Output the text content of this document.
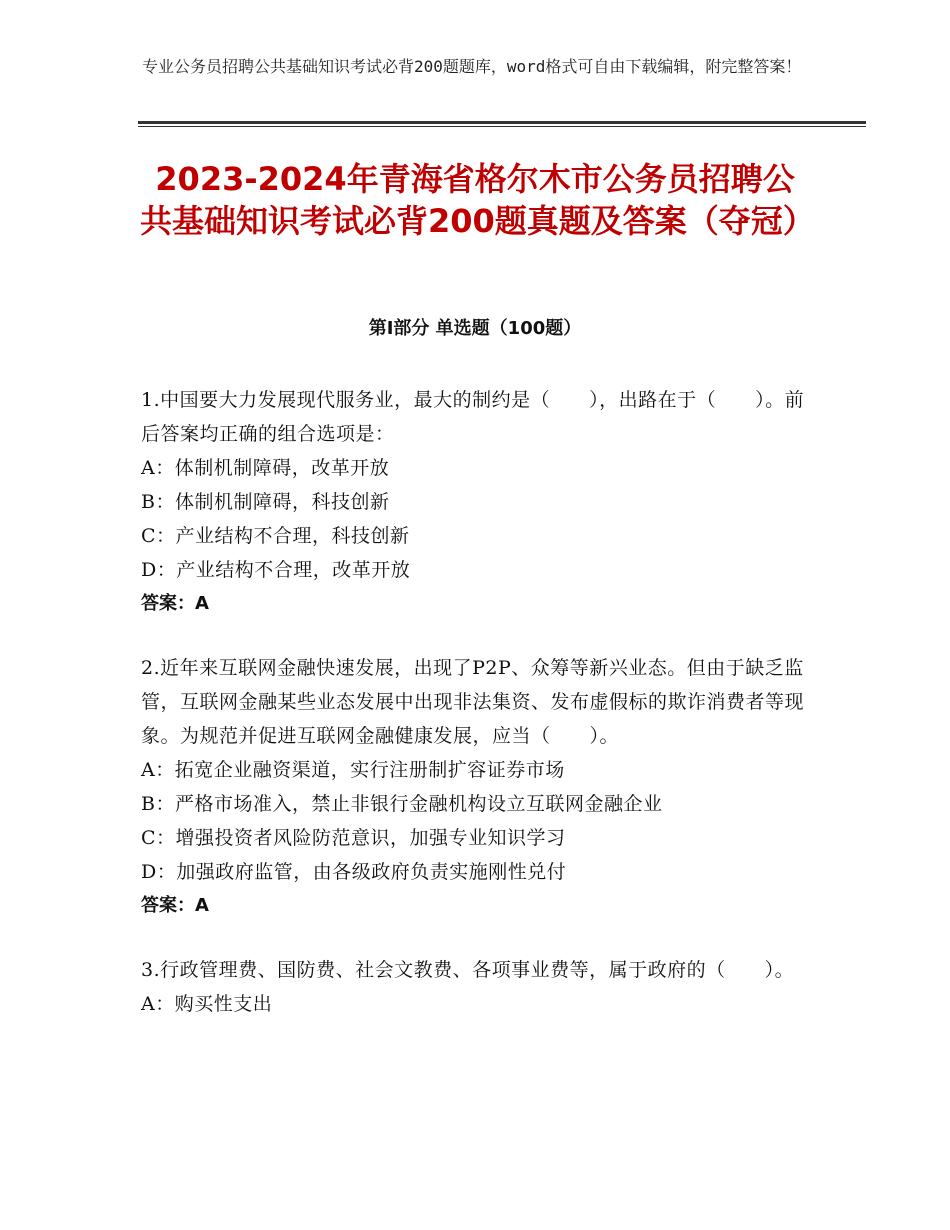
专业公务员招聘公共基础知识考试必背200题题库，word格式可自由下载编辑，附完整答案！
2023-2024年青海省格尔木市公务员招聘公共基础知识考试必背200题真题及答案（夺冠）
第Ⅰ部分 单选题（100题）

1.中国要大力发展现代服务业，最大的制约是（　　），出路在于（　　）。前后答案均正确的组合选项是：

A：体制机制障碍，改革开放

B：体制机制障碍，科技创新

C：产业结构不合理，科技创新

D：产业结构不合理，改革开放

答案：A

2.近年来互联网金融快速发展，出现了P2P、众筹等新兴业态。但由于缺乏监管，互联网金融某些业态发展中出现非法集资、发布虚假标的欺诈消费者等现象。为规范并促进互联网金融健康发展，应当（　　）。

A：拓宽企业融资渠道，实行注册制扩容证券市场

B：严格市场准入，禁止非银行金融机构设立互联网金融企业

C：增强投资者风险防范意识，加强专业知识学习

D：加强政府监管，由各级政府负责实施刚性兑付

答案：A

3.行政管理费、国防费、社会文教费、各项事业费等，属于政府的（　　）。

A：购买性支出
